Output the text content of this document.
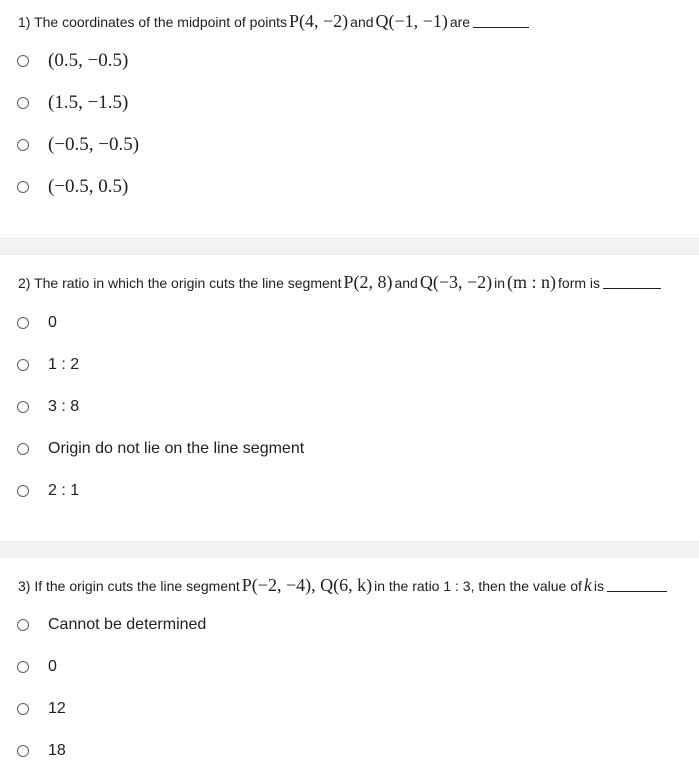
1) The coordinates of the midpoint of points P(4, −2) and Q(−1, −1) are
(0.5, −0.5)
(1.5, −1.5)
(−0.5, −0.5)
(−0.5, 0.5)
2) The ratio in which the origin cuts the line segment P(2, 8) and Q(−3, −2) in (m : n) form is
0
1 : 2
3 : 8
Origin do not lie on the line segment
2 : 1
3) If the origin cuts the line segment P(−2, −4), Q(6, k) in the ratio 1 : 3, then the value of k is
Cannot be determined
0
12
18
